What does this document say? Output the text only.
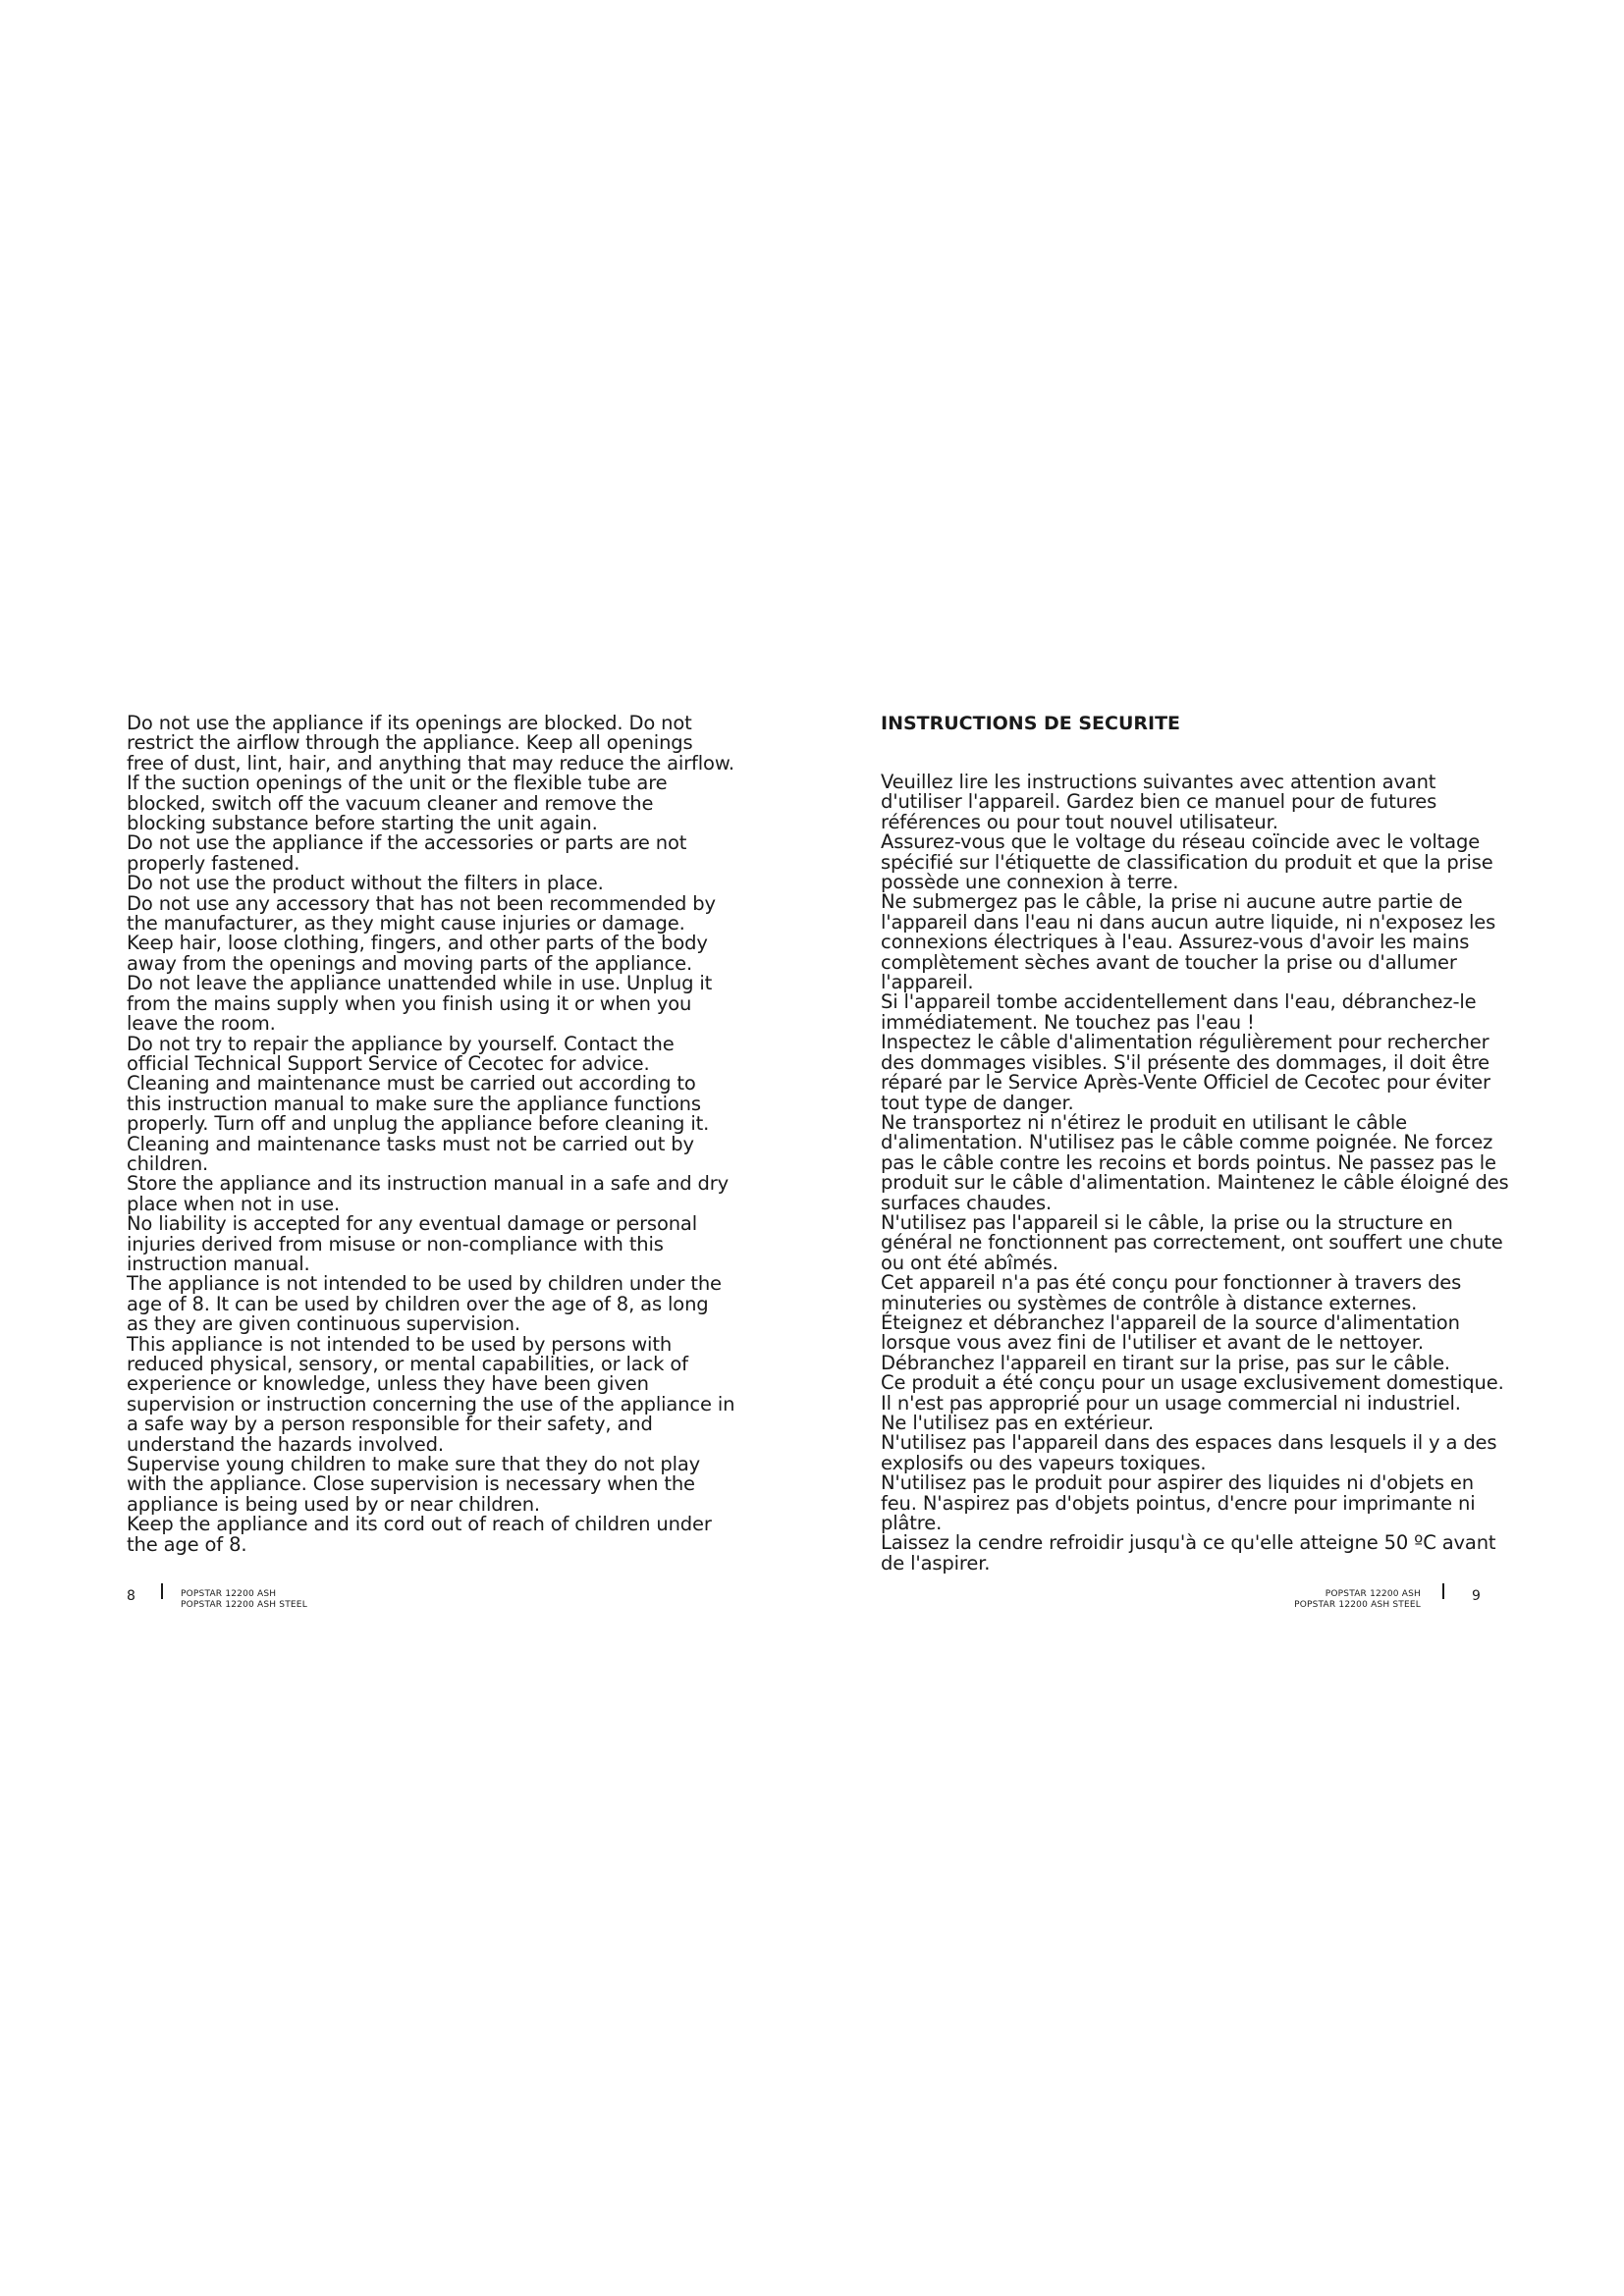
Do not use the appliance if its openings are blocked. Do not restrict the airflow through the appliance. Keep all openings free of dust, lint, hair, and anything that may reduce the airflow.

If the suction openings of the unit or the flexible tube are blocked, switch off the vacuum cleaner and remove the blocking substance before starting the unit again.

Do not use the appliance if the accessories or parts are not properly fastened.

Do not use the product without the filters in place.

Do not use any accessory that has not been recommended by the manufacturer, as they might cause injuries or damage.

Keep hair, loose clothing, fingers, and other parts of the body away from the openings and moving parts of the appliance.

Do not leave the appliance unattended while in use. Unplug it from the mains supply when you finish using it or when you leave the room.

Do not try to repair the appliance by yourself. Contact the official Technical Support Service of Cecotec for advice.

Cleaning and maintenance must be carried out according to this instruction manual to make sure the appliance functions properly. Turn off and unplug the appliance before cleaning it.

Cleaning and maintenance tasks must not be carried out by children.

Store the appliance and its instruction manual in a safe and dry place when not in use.

No liability is accepted for any eventual damage or personal injuries derived from misuse or non-compliance with this instruction manual.

The appliance is not intended to be used by children under the age of 8. It can be used by children over the age of 8, as long as they are given continuous supervision.

This appliance is not intended to be used by persons with reduced physical, sensory, or mental capabilities, or lack of experience or knowledge, unless they have been given supervision or instruction concerning the use of the appliance in a safe way by a person responsible for their safety, and understand the hazards involved.

Supervise young children to make sure that they do not play with the appliance. Close supervision is necessary when the appliance is being used by or near children.

Keep the appliance and its cord out of reach of children under the age of 8.

INSTRUCTIONS DE SECURITE

Veuillez lire les instructions suivantes avec attention avant d'utiliser l'appareil. Gardez bien ce manuel pour de futures références ou pour tout nouvel utilisateur.

Assurez-vous que le voltage du réseau coïncide avec le voltage spécifié sur l'étiquette de classification du produit et que la prise possède une connexion à terre.

Ne submergez pas le câble, la prise ni aucune autre partie de l'appareil dans l'eau ni dans aucun autre liquide, ni n'exposez les connexions électriques à l'eau. Assurez-vous d'avoir les mains complètement sèches avant de toucher la prise ou d'allumer l'appareil.

Si l'appareil tombe accidentellement dans l'eau, débranchez-le immédiatement. Ne touchez pas l'eau !

Inspectez le câble d'alimentation régulièrement pour rechercher des dommages visibles. S'il présente des dommages, il doit être réparé par le Service Après-Vente Officiel de Cecotec pour éviter tout type de danger.

Ne transportez ni n'étirez le produit en utilisant le câble d'alimentation. N'utilisez pas le câble comme poignée. Ne forcez pas le câble contre les recoins et bords pointus. Ne passez pas le produit sur le câble d'alimentation. Maintenez le câble éloigné des surfaces chaudes.

N'utilisez pas l'appareil si le câble, la prise ou la structure en général ne fonctionnent pas correctement, ont souffert une chute ou ont été abîmés.

Cet appareil n'a pas été conçu pour fonctionner à travers des minuteries ou systèmes de contrôle à distance externes.

Éteignez et débranchez l'appareil de la source d'alimentation lorsque vous avez fini de l'utiliser et avant de le nettoyer.

Débranchez l'appareil en tirant sur la prise, pas sur le câble.

Ce produit a été conçu pour un usage exclusivement domestique.

Il n'est pas approprié pour un usage commercial ni industriel.

Ne l'utilisez pas en extérieur.

N'utilisez pas l'appareil dans des espaces dans lesquels il y a des explosifs ou des vapeurs toxiques.

N'utilisez pas le produit pour aspirer des liquides ni d'objets en feu. N'aspirez pas d'objets pointus, d'encre pour imprimante ni plâtre.

Laissez la cendre refroidir jusqu'à ce qu'elle atteigne 50 ºC avant de l'aspirer.

8	POPSTAR 12200 ASH
POPSTAR 12200 ASH STEEL
POPSTAR 12200 ASH
POPSTAR 12200 ASH STEEL
9
